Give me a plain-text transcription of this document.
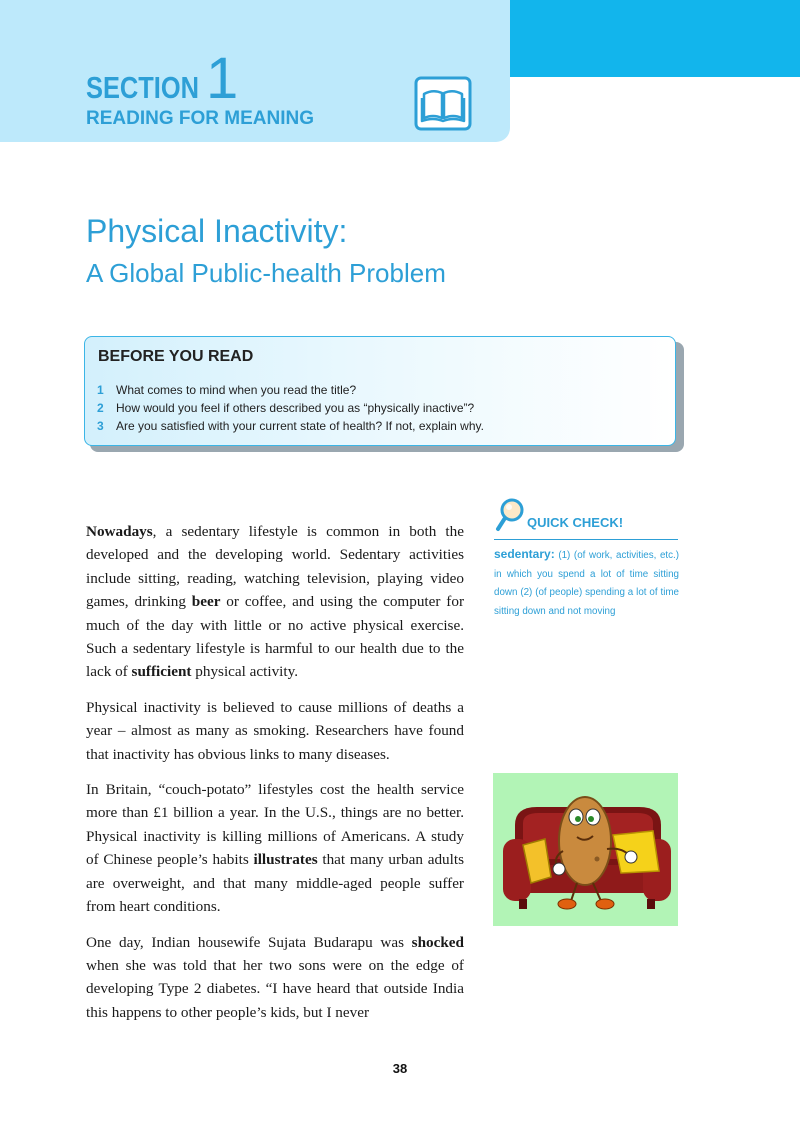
SECTION 1
READING FOR MEANING
Physical Inactivity:
A Global Public-health Problem
BEFORE YOU READ
1 What comes to mind when you read the title?
2 How would you feel if others described you as “physically inactive”?
3 Are you satisfied with your current state of health? If not, explain why.

Nowadays, a sedentary lifestyle is common in both the developed and the developing world. Sedentary activities include sitting, reading, watching television, playing video games, drinking beer or coffee, and using the computer for much of the day with little or no active physical exercise. Such a sedentary lifestyle is harmful to our health due to the lack of sufficient physical activity.

Physical inactivity is believed to cause millions of deaths a year – almost as many as smoking. Researchers have found that inactivity has obvious links to many diseases.

In Britain, “couch-potato” lifestyles cost the health service more than £1 billion a year. In the U.S., things are no better. Physical inactivity is killing millions of Americans. A study of Chinese people’s habits illustrates that many urban adults are overweight, and that many middle-aged people suffer from heart conditions.

One day, Indian housewife Sujata Budarapu was shocked when she was told that her two sons were on the edge of developing Type 2 diabetes. “I have heard that outside India this happens to other people’s kids, but I never

QUICK CHECK!
sedentary: (1) (of work, activities, etc.) in which you spend a lot of time sitting down (2) (of people) spending a lot of time sitting down and not moving
38
